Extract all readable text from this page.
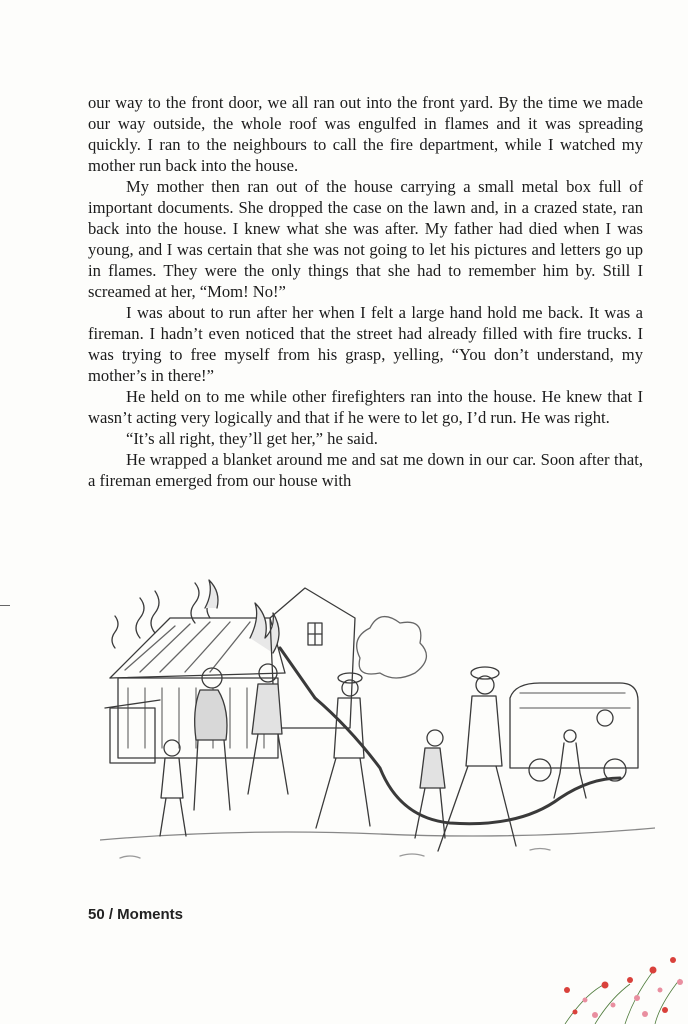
our way to the front door, we all ran out into the front yard. By the time we made our way outside, the whole roof was engulfed in flames and it was spreading quickly. I ran to the neighbours to call the fire department, while I watched my mother run back into the house.

My mother then ran out of the house carrying a small metal box full of important documents. She dropped the case on the lawn and, in a crazed state, ran back into the house. I knew what she was after. My father had died when I was young, and I was certain that she was not going to let his pictures and letters go up in flames. They were the only things that she had to remember him by. Still I screamed at her, “Mom! No!”

I was about to run after her when I felt a large hand hold me back. It was a fireman. I hadn’t even noticed that the street had already filled with fire trucks. I was trying to free myself from his grasp, yelling, “You don’t understand, my mother’s in there!”

He held on to me while other firefighters ran into the house. He knew that I wasn’t acting very logically and that if he were to let go, I’d run. He was right.

“It’s all right, they’ll get her,” he said.

He wrapped a blanket around me and sat me down in our car. Soon after that, a fireman emerged from our house with

50 / Moments
